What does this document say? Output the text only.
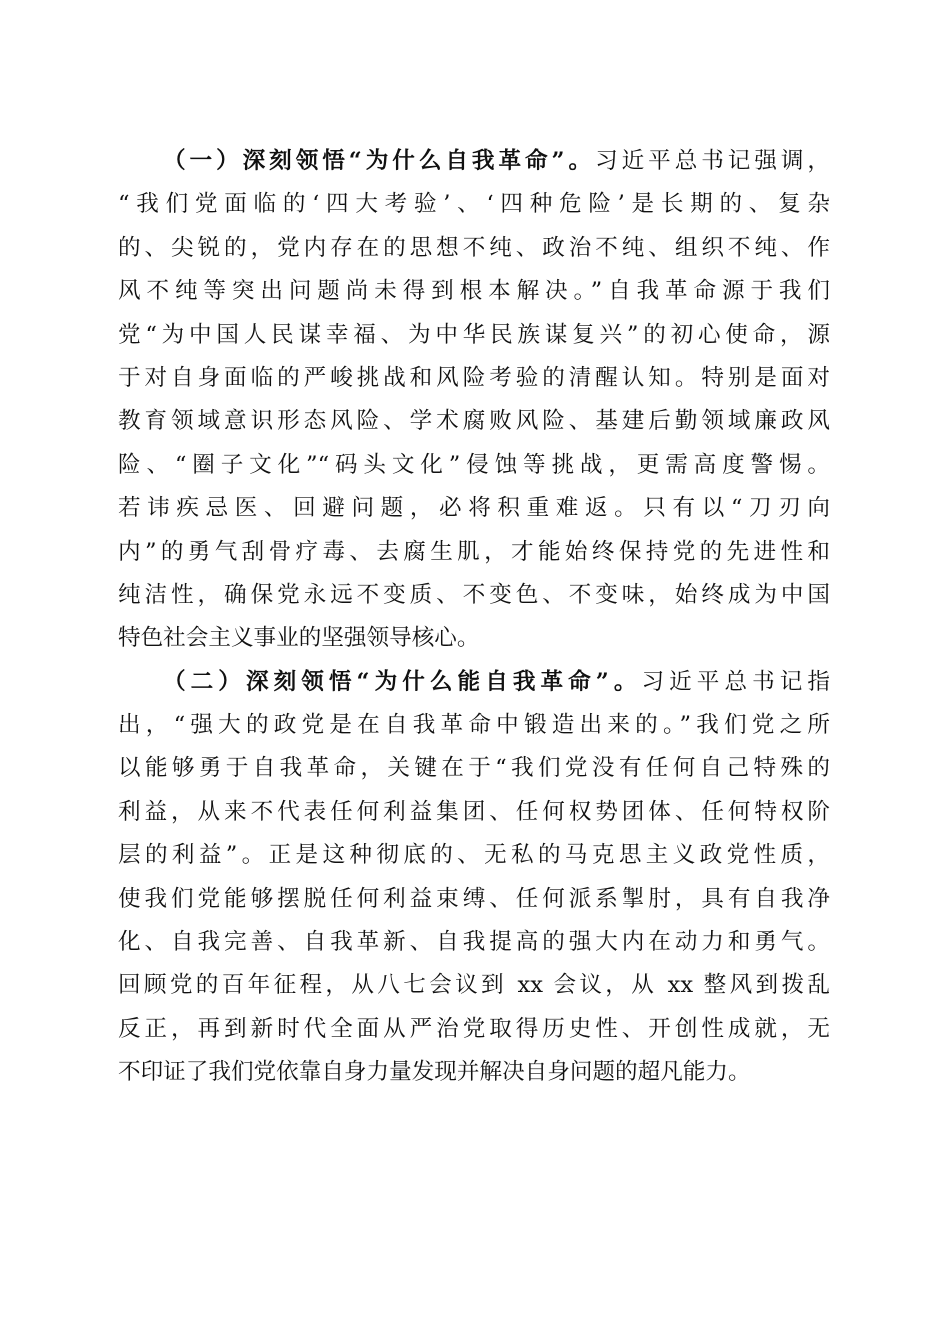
（一）深刻领悟“为什么自我革命”。习近平总书记强调，
“我们党面临的‘四大考验’、‘四种危险’是长期的、复杂
的、尖锐的，党内存在的思想不纯、政治不纯、组织不纯、作
风不纯等突出问题尚未得到根本解决。”自我革命源于我们
党“为中国人民谋幸福、为中华民族谋复兴”的初心使命，源
于对自身面临的严峻挑战和风险考验的清醒认知。特别是面对
教育领域意识形态风险、学术腐败风险、基建后勤领域廉政风
险、“圈子文化”“码头文化”侵蚀等挑战，更需高度警惕。
若讳疾忌医、回避问题，必将积重难返。只有以“刀刃向
内”的勇气刮骨疗毒、去腐生肌，才能始终保持党的先进性和
纯洁性，确保党永远不变质、不变色、不变味，始终成为中国
特色社会主义事业的坚强领导核心。
（二）深刻领悟“为什么能自我革命”。习近平总书记指
出，“强大的政党是在自我革命中锻造出来的。”我们党之所
以能够勇于自我革命，关键在于“我们党没有任何自己特殊的
利益，从来不代表任何利益集团、任何权势团体、任何特权阶
层的利益”。正是这种彻底的、无私的马克思主义政党性质，
使我们党能够摆脱任何利益束缚、任何派系掣肘，具有自我净
化、自我完善、自我革新、自我提高的强大内在动力和勇气。
回顾党的百年征程，从八七会议到 xx 会议，从 xx 整风到拨乱
反正，再到新时代全面从严治党取得历史性、开创性成就，无
不印证了我们党依靠自身力量发现并解决自身问题的超凡能力。
